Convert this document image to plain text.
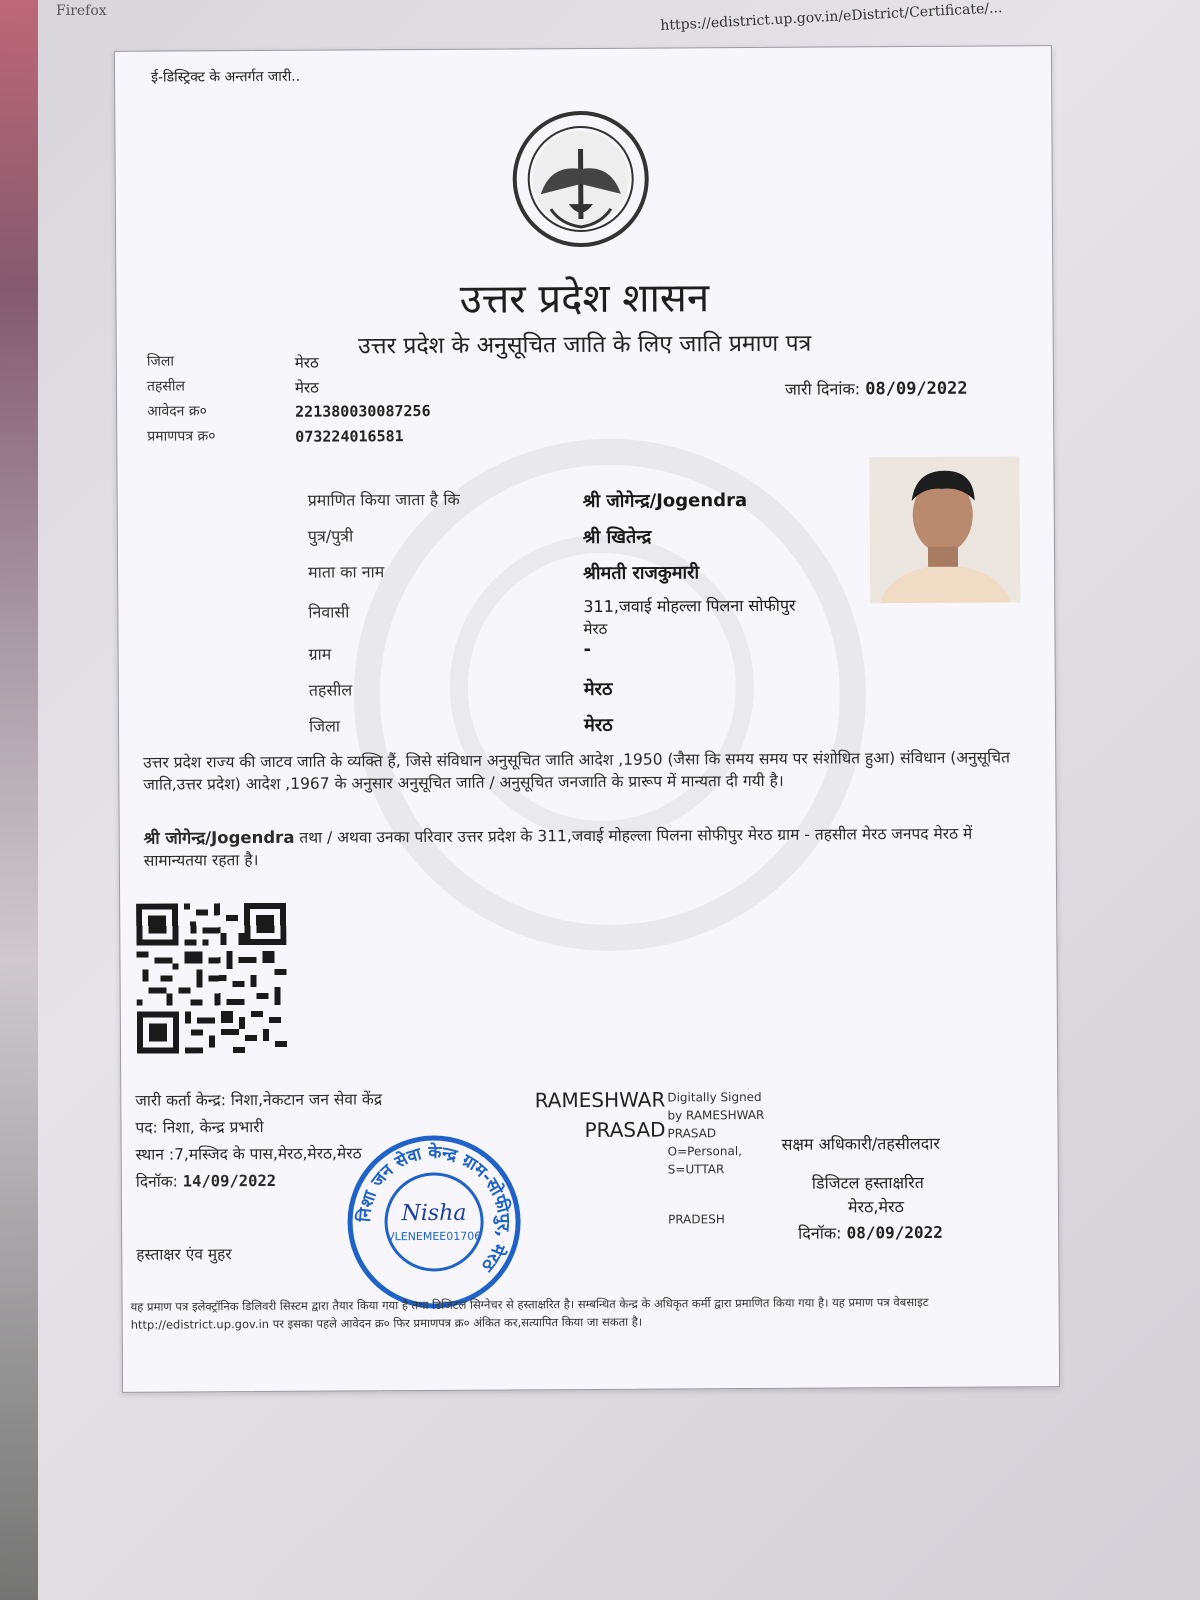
Firefox	https://edistrict.up.gov.in/eDistrict/Certificate/...
ई-डिस्ट्रिक्ट के अन्तर्गत जारी..
उत्तर प्रदेश शासन
उत्तर प्रदेश के अनुसूचित जाति के लिए जाति प्रमाण पत्र
जिला	मेरठ
तहसील	मेरठ
आवेदन क्र०	221380030087256
प्रमाणपत्र क्र०	073224016581
जारी दिनांक: 08/09/2022
प्रमाणित किया जाता है कि	श्री जोगेन्द्र/Jogendra
पुत्र/पुत्री	श्री खितेन्द्र
माता का नाम	श्रीमती राजकुमारी
निवासी	311,जवाई मोहल्ला पिलना सोफीपुर
मेरठ
ग्राम	-
तहसील	मेरठ
जिला	मेरठ
उत्तर प्रदेश राज्य की जाटव जाति के व्यक्ति हैं, जिसे संविधान अनुसूचित जाति आदेश ,1950 (जैसा कि समय समय पर संशोधित हुआ) संविधान (अनुसूचित जाति,उत्तर प्रदेश) आदेश ,1967 के अनुसार अनुसूचित जाति / अनुसूचित जनजाति के प्रारूप में मान्यता दी गयी है।
श्री जोगेन्द्र/Jogendra तथा / अथवा उनका परिवार उत्तर प्रदेश के 311,जवाई मोहल्ला पिलना सोफीपुर मेरठ ग्राम - तहसील मेरठ जनपद मेरठ में सामान्यतया रहता है।
जारी कर्ता केन्द्र: निशा,नेकटान जन सेवा केंद्र
पद: निशा, केन्द्र प्रभारी
स्थान :7,मस्जिद के पास,मेरठ,मेरठ,मेरठ
दिनॉक: 14/09/2022
हस्ताक्षर एंव मुहर
निशा जन सेवा केन्द्र ग्राम-सोफीपुर, मेरठ
Nisha
VLENEMEE01706
RAMESHWAR
PRASAD
Digitally Signed by RAMESHWAR PRASAD O=Personal, S=UTTAR
PRADESH
सक्षम अधिकारी/तहसीलदार
डिजिटल हस्ताक्षरित
मेरठ,मेरठ
दिनॉक: 08/09/2022
यह प्रमाण पत्र इलेक्ट्रॉनिक डिलिवरी सिस्टम द्वारा तैयार किया गया है तथा डिजिटल सिग्नेचर से हस्ताक्षरित है। सम्बन्धित केन्द्र के अधिकृत कर्मी द्वारा प्रमाणित किया गया है। यह प्रमाण पत्र वेबसाइट http://edistrict.up.gov.in पर इसका पहले आवेदन क्र० फिर प्रमाणपत्र क्र० अंकित कर,सत्यापित किया जा सकता है।
